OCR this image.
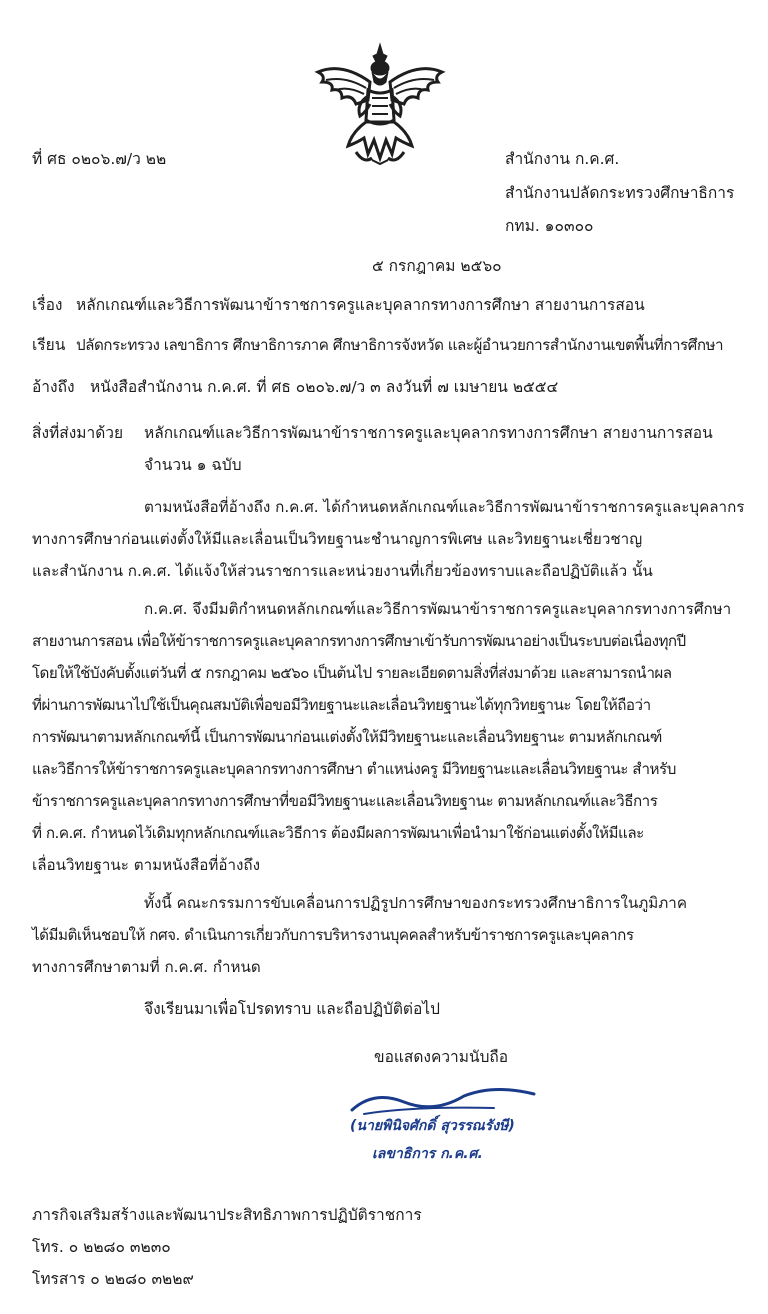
ที่ ศธ ๐๒๐๖.๗/ว ๒๒	สำนักงาน ก.ค.ศ.
สำนักงานปลัดกระทรวงศึกษาธิการ
กทม. ๑๐๓๐๐
๕ กรกฎาคม ๒๕๖๐
เรื่อง หลักเกณฑ์และวิธีการพัฒนาข้าราชการครูและบุคลากรทางการศึกษา สายงานการสอน
เรียน ปลัดกระทรวง เลขาธิการ ศึกษาธิการภาค ศึกษาธิการจังหวัด และผู้อำนวยการสำนักงานเขตพื้นที่การศึกษา
อ้างถึง หนังสือสำนักงาน ก.ค.ศ. ที่ ศธ ๐๒๐๖.๗/ว ๓ ลงวันที่ ๗ เมษายน ๒๕๕๔
สิ่งที่ส่งมาด้วย หลักเกณฑ์และวิธีการพัฒนาข้าราชการครูและบุคลากรทางการศึกษา สายงานการสอน
จำนวน ๑ ฉบับ
ตามหนังสือที่อ้างถึง ก.ค.ศ. ได้กำหนดหลักเกณฑ์และวิธีการพัฒนาข้าราชการครูและบุคลากร
ทางการศึกษาก่อนแต่งตั้งให้มีและเลื่อนเป็นวิทยฐานะชำนาญการพิเศษ และวิทยฐานะเชี่ยวชาญ
และสำนักงาน ก.ค.ศ. ได้แจ้งให้ส่วนราชการและหน่วยงานที่เกี่ยวข้องทราบและถือปฏิบัติแล้ว นั้น
ก.ค.ศ. จึงมีมติกำหนดหลักเกณฑ์และวิธีการพัฒนาข้าราชการครูและบุคลากรทางการศึกษา
สายงานการสอน เพื่อให้ข้าราชการครูและบุคลากรทางการศึกษาเข้ารับการพัฒนาอย่างเป็นระบบต่อเนื่องทุกปี
โดยให้ใช้บังคับตั้งแต่วันที่ ๕ กรกฎาคม ๒๕๖๐ เป็นต้นไป รายละเอียดตามสิ่งที่ส่งมาด้วย และสามารถนำผล
ที่ผ่านการพัฒนาไปใช้เป็นคุณสมบัติเพื่อขอมีวิทยฐานะและเลื่อนวิทยฐานะได้ทุกวิทยฐานะ โดยให้ถือว่า
การพัฒนาตามหลักเกณฑ์นี้ เป็นการพัฒนาก่อนแต่งตั้งให้มีวิทยฐานะและเลื่อนวิทยฐานะ ตามหลักเกณฑ์
และวิธีการให้ข้าราชการครูและบุคลากรทางการศึกษา ตำแหน่งครู มีวิทยฐานะและเลื่อนวิทยฐานะ สำหรับ
ข้าราชการครูและบุคลากรทางการศึกษาที่ขอมีวิทยฐานะและเลื่อนวิทยฐานะ ตามหลักเกณฑ์และวิธีการ
ที่ ก.ค.ศ. กำหนดไว้เดิมทุกหลักเกณฑ์และวิธีการ ต้องมีผลการพัฒนาเพื่อนำมาใช้ก่อนแต่งตั้งให้มีและ
เลื่อนวิทยฐานะ ตามหนังสือที่อ้างถึง
ทั้งนี้ คณะกรรมการขับเคลื่อนการปฏิรูปการศึกษาของกระทรวงศึกษาธิการในภูมิภาค
ได้มีมติเห็นชอบให้ กศจ. ดำเนินการเกี่ยวกับการบริหารงานบุคคลสำหรับข้าราชการครูและบุคลากร
ทางการศึกษาตามที่ ก.ค.ศ. กำหนด
จึงเรียนมาเพื่อโปรดทราบ และถือปฏิบัติต่อไป
ขอแสดงความนับถือ
(นายพินิจศักดิ์ สุวรรณรังษี)
เลขาธิการ ก.ค.ศ.
ภารกิจเสริมสร้างและพัฒนาประสิทธิภาพการปฏิบัติราชการ
โทร. ๐ ๒๒๘๐ ๓๒๓๐
โทรสาร ๐ ๒๒๘๐ ๓๒๒๙
